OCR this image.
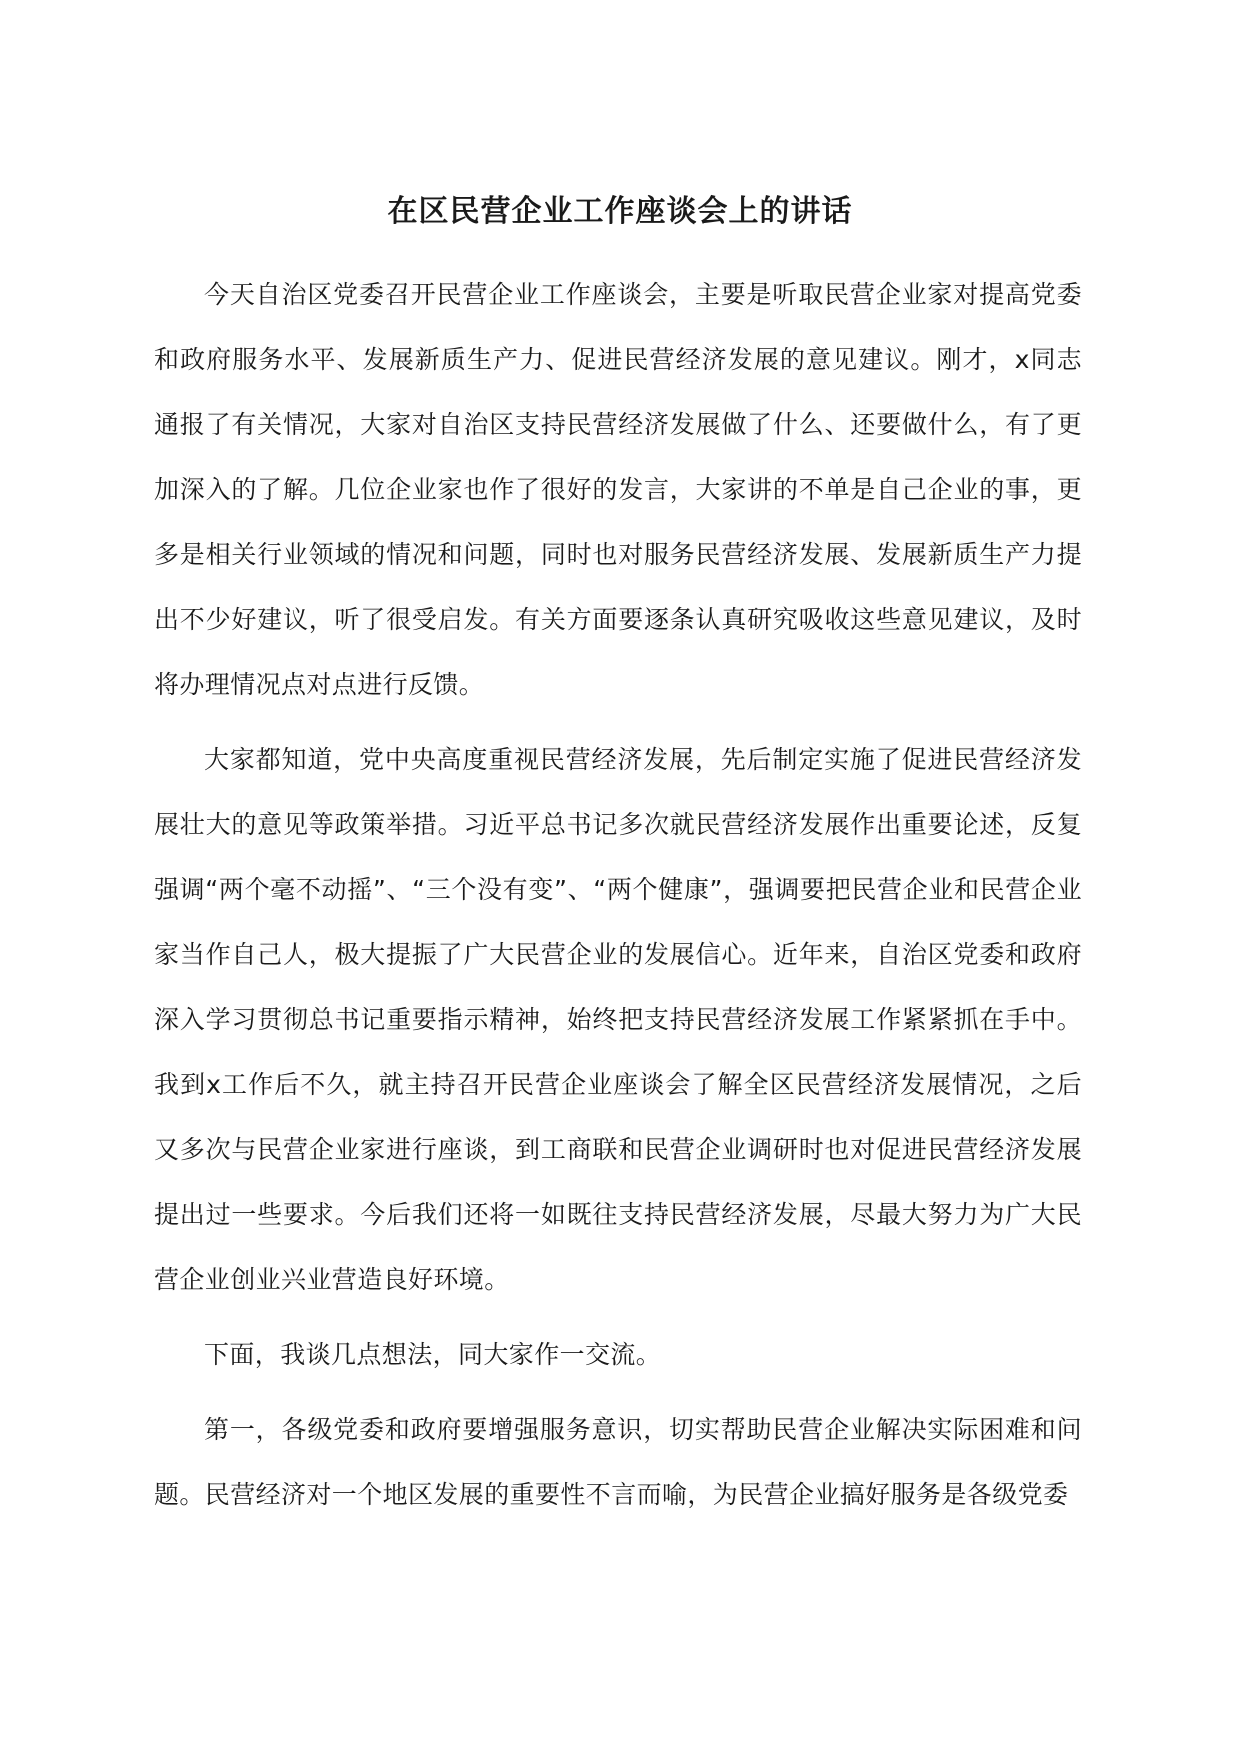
在区民营企业工作座谈会上的讲话

今天自治区党委召开民营企业工作座谈会，主要是听取民营企业家对提高党委和政府服务水平、发展新质生产力、促进民营经济发展的意见建议。刚才，x同志通报了有关情况，大家对自治区支持民营经济发展做了什么、还要做什么，有了更加深入的了解。几位企业家也作了很好的发言，大家讲的不单是自己企业的事，更多是相关行业领域的情况和问题，同时也对服务民营经济发展、发展新质生产力提出不少好建议，听了很受启发。有关方面要逐条认真研究吸收这些意见建议，及时将办理情况点对点进行反馈。

大家都知道，党中央高度重视民营经济发展，先后制定实施了促进民营经济发展壮大的意见等政策举措。习近平总书记多次就民营经济发展作出重要论述，反复强调“两个毫不动摇”、“三个没有变”、“两个健康”，强调要把民营企业和民营企业家当作自己人，极大提振了广大民营企业的发展信心。近年来，自治区党委和政府深入学习贯彻总书记重要指示精神，始终把支持民营经济发展工作紧紧抓在手中。我到x工作后不久，就主持召开民营企业座谈会了解全区民营经济发展情况，之后又多次与民营企业家进行座谈，到工商联和民营企业调研时也对促进民营经济发展提出过一些要求。今后我们还将一如既往支持民营经济发展，尽最大努力为广大民营企业创业兴业营造良好环境。

下面，我谈几点想法，同大家作一交流。

第一，各级党委和政府要增强服务意识，切实帮助民营企业解决实际困难和问题。民营经济对一个地区发展的重要性不言而喻，为民营企业搞好服务是各级党委
